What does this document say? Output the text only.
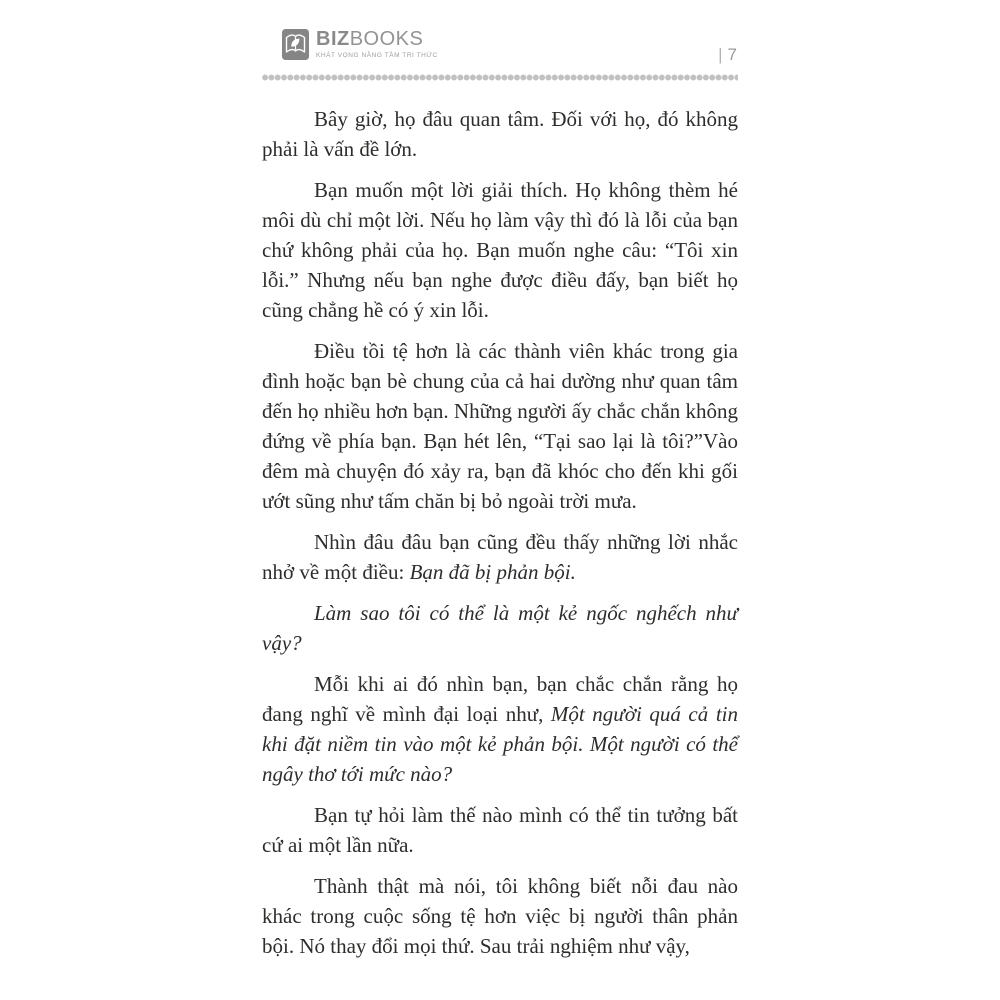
BIZBOOKS
KHÁT VỌNG NÂNG TẦM TRI THỨC	| 7

Bây giờ, họ đâu quan tâm. Đối với họ, đó không phải là vấn đề lớn.

Bạn muốn một lời giải thích. Họ không thèm hé môi dù chỉ một lời. Nếu họ làm vậy thì đó là lỗi của bạn chứ không phải của họ. Bạn muốn nghe câu: “Tôi xin lỗi.” Nhưng nếu bạn nghe được điều đấy, bạn biết họ cũng chẳng hề có ý xin lỗi.

Điều tồi tệ hơn là các thành viên khác trong gia đình hoặc bạn bè chung của cả hai dường như quan tâm đến họ nhiều hơn bạn. Những người ấy chắc chắn không đứng về phía bạn. Bạn hét lên, “Tại sao lại là tôi?”Vào đêm mà chuyện đó xảy ra, bạn đã khóc cho đến khi gối ướt sũng như tấm chăn bị bỏ ngoài trời mưa.

Nhìn đâu đâu bạn cũng đều thấy những lời nhắc nhở về một điều: Bạn đã bị phản bội.

Làm sao tôi có thể là một kẻ ngốc nghếch như vậy?

Mỗi khi ai đó nhìn bạn, bạn chắc chắn rằng họ đang nghĩ về mình đại loại như, Một người quá cả tin khi đặt niềm tin vào một kẻ phản bội. Một người có thể ngây thơ tới mức nào?

Bạn tự hỏi làm thế nào mình có thể tin tưởng bất cứ ai một lần nữa.

Thành thật mà nói, tôi không biết nỗi đau nào khác trong cuộc sống tệ hơn việc bị người thân phản bội. Nó thay đổi mọi thứ. Sau trải nghiệm như vậy,
